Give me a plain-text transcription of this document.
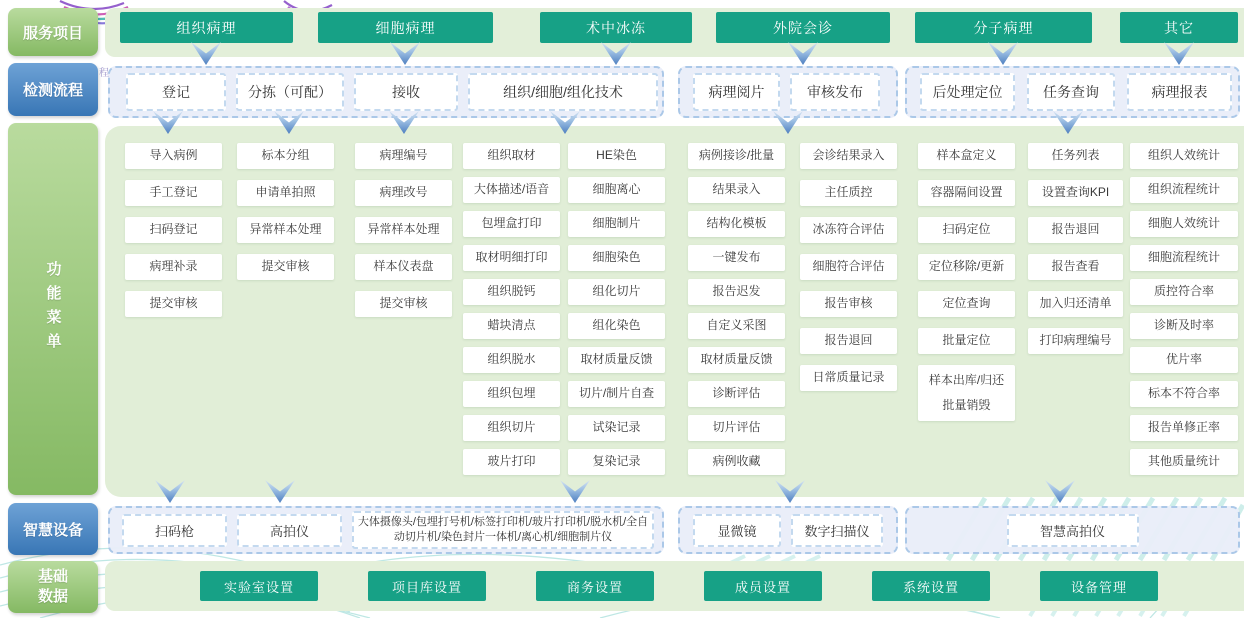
程
服务项目
检测流程
功能菜单
智慧设备
基础数据
组织病理	细胞病理	术中冰冻	外院会诊	分子病理	其它
登记	分拣（可配）	接收	组织/细胞/组化技术	病理阅片	审核发布	后处理定位	任务查询	病理报表
导入病例
手工登记
扫码登记
病理补录
提交审核
标本分组
申请单拍照
异常样本处理
提交审核
病理编号
病理改号
异常样本处理
样本仪表盘
提交审核
组织取材
大体描述/语音
包埋盒打印
取材明细打印
组织脱钙
蜡块清点
组织脱水
组织包埋
组织切片
玻片打印
HE染色
细胞离心
细胞制片
细胞染色
组化切片
组化染色
取材质量反馈
切片/制片自查
试染记录
复染记录
病例接诊/批量
结果录入
结构化模板
一键发布
报告迟发
自定义采图
取材质量反馈
诊断评估
切片评估
病例收藏
会诊结果录入
主任质控
冰冻符合评估
细胞符合评估
报告审核
报告退回
日常质量记录
样本盒定义
容器隔间设置
扫码定位
定位移除/更新
定位查询
批量定位
样本出库/归还
批量销毁
任务列表
设置查询KPI
报告退回
报告查看
加入归还清单
打印病理编号
组织人效统计
组织流程统计
细胞人效统计
细胞流程统计
质控符合率
诊断及时率
优片率
标本不符合率
报告单修正率
其他质量统计
扫码枪	高拍仪
大体摄像头/包埋打号机/标签打印机/玻片打印机/脱水机/全自动切片机/染色封片一体机/离心机/细胞制片仪	显微镜	数字扫描仪	智慧高拍仪
实验室设置	项目库设置	商务设置	成员设置	系统设置	设备管理
